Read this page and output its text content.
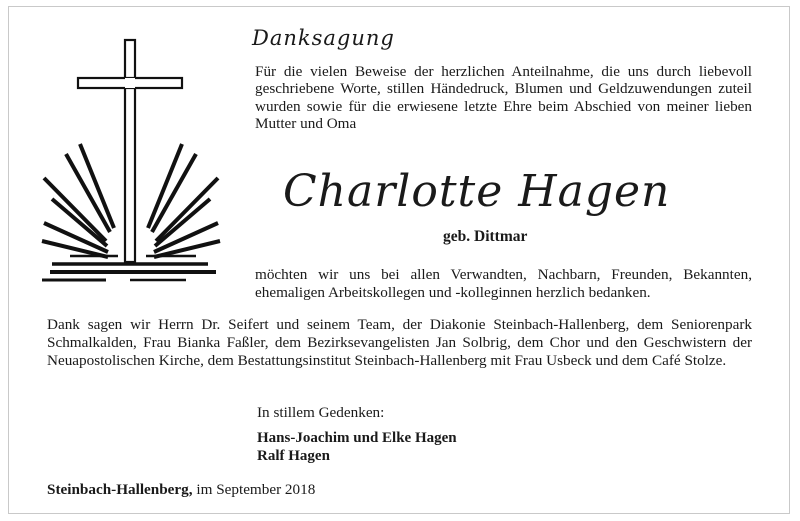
Danksagung
Für die vielen Beweise der herzlichen Anteilnahme, die uns durch liebevoll geschriebene Worte, stillen Händedruck, Blumen und Geldzuwendungen zuteil wurden sowie für die erwiesene letzte Ehre beim Abschied von meiner lieben Mutter und Oma
Charlotte Hagen
geb. Dittmar
möchten wir uns bei allen Verwandten, Nachbarn, Freunden, Bekannten, ehemaligen Arbeitskollegen und -kolleginnen herzlich bedanken.
Dank sagen wir Herrn Dr. Seifert und seinem Team, der Diakonie Steinbach-Hallenberg, dem Seniorenpark Schmalkalden, Frau Bianka Faßler, dem Bezirksevangelisten Jan Solbrig, dem Chor und den Geschwistern der Neuapostolischen Kirche, dem Bestattungsinstitut Steinbach-Hallenberg mit Frau Usbeck und dem Café Stolze.
In stillem Gedenken:
Hans-Joachim und Elke Hagen
Ralf Hagen
Steinbach-Hallenberg, im September 2018
